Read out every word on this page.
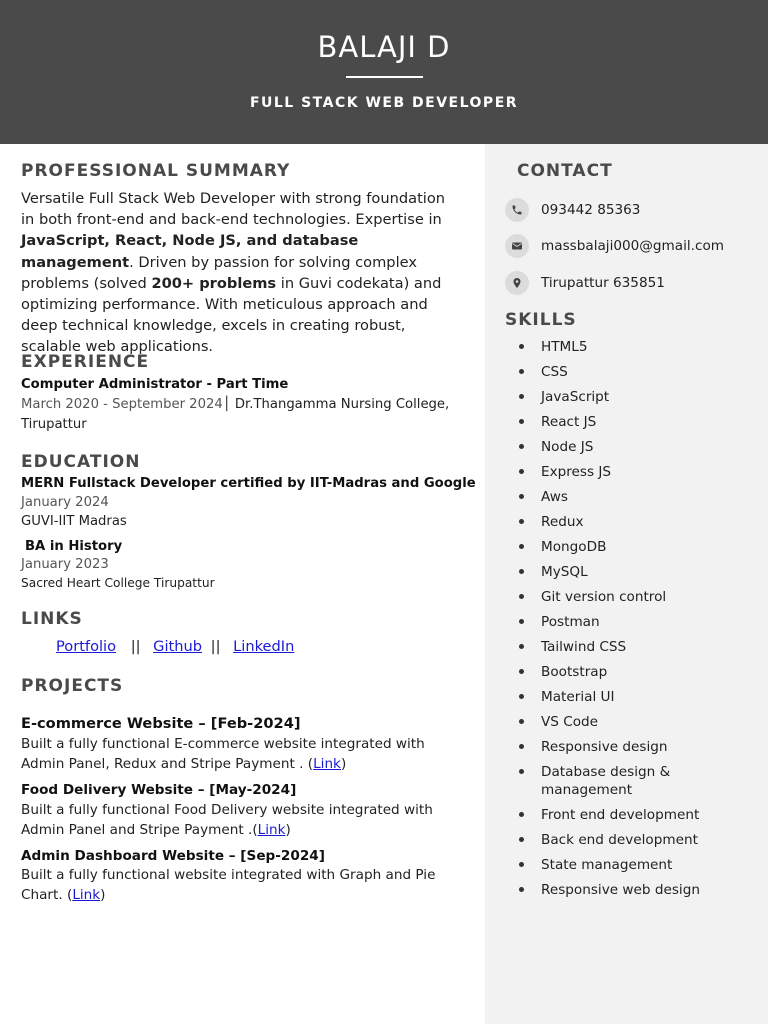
BALAJI D
FULL STACK WEB DEVELOPER
PROFESSIONAL SUMMARY
Versatile Full Stack Web Developer with strong foundation in both front-end and back-end technologies. Expertise in JavaScript, React, Node JS, and database management. Driven by passion for solving complex problems (solved 200+ problems in Guvi codekata) and optimizing performance. With meticulous approach and deep technical knowledge, excels in creating robust, scalable web applications.
EXPERIENCE
Computer Administrator - Part Time
March 2020 - September 2024│ Dr.Thangamma Nursing College, Tirupattur
EDUCATION
MERN Fullstack Developer certified by IIT-Madras and Google
January 2024
GUVI-IIT Madras
BA in History
January 2023
Sacred Heart College Tirupattur
LINKS
Portfolio || Github || LinkedIn
PROJECTS
E-commerce Website – [Feb-2024]
Built a fully functional E-commerce website integrated with Admin Panel, Redux and Stripe Payment . (Link)
Food Delivery Website – [May-2024]
Built a fully functional Food Delivery website integrated with Admin Panel and Stripe Payment .(Link)
Admin Dashboard Website – [Sep-2024]
Built a fully functional website integrated with Graph and Pie Chart. (Link)
CONTACT
093442 85363
massbalaji000@gmail.com
Tirupattur 635851
SKILLS
HTML5
CSS
JavaScript
React JS
Node JS
Express JS
Aws
Redux
MongoDB
MySQL
Git version control
Postman
Tailwind CSS
Bootstrap
Material UI
VS Code
Responsive design
Database design & management
Front end development
Back end development
State management
Responsive web design
